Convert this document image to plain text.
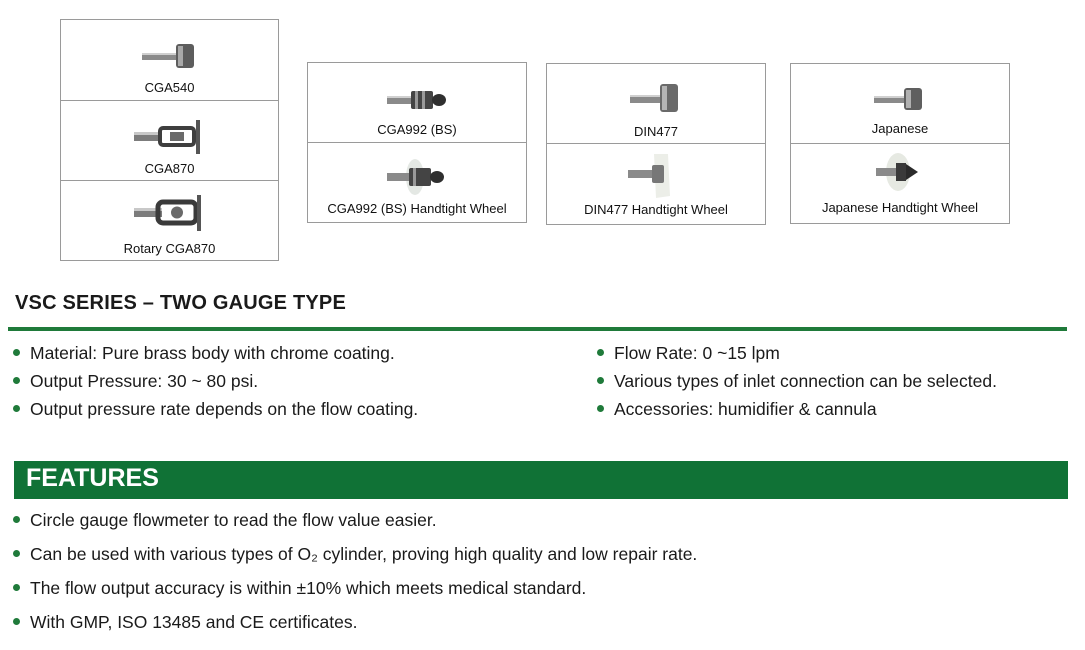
CGA540
CGA870
Rotary CGA870
CGA992 (BS)
CGA992 (BS) Handtight Wheel
DIN477
DIN477 Handtight Wheel
Japanese
Japanese Handtight Wheel
VSC SERIES – TWO GAUGE TYPE
Material: Pure brass body with chrome coating.
Output Pressure: 30 ~ 80 psi.
Output pressure rate depends on the flow coating.
Flow Rate: 0 ~15 lpm
Various types of inlet connection can be selected.
Accessories: humidifier & cannula
FEATURES
Circle gauge flowmeter to read the flow value easier.
Can be used with various types of O₂ cylinder, proving high quality and low repair rate.
The flow output accuracy is within ±10% which meets medical standard.
With GMP, ISO 13485 and CE certificates.
